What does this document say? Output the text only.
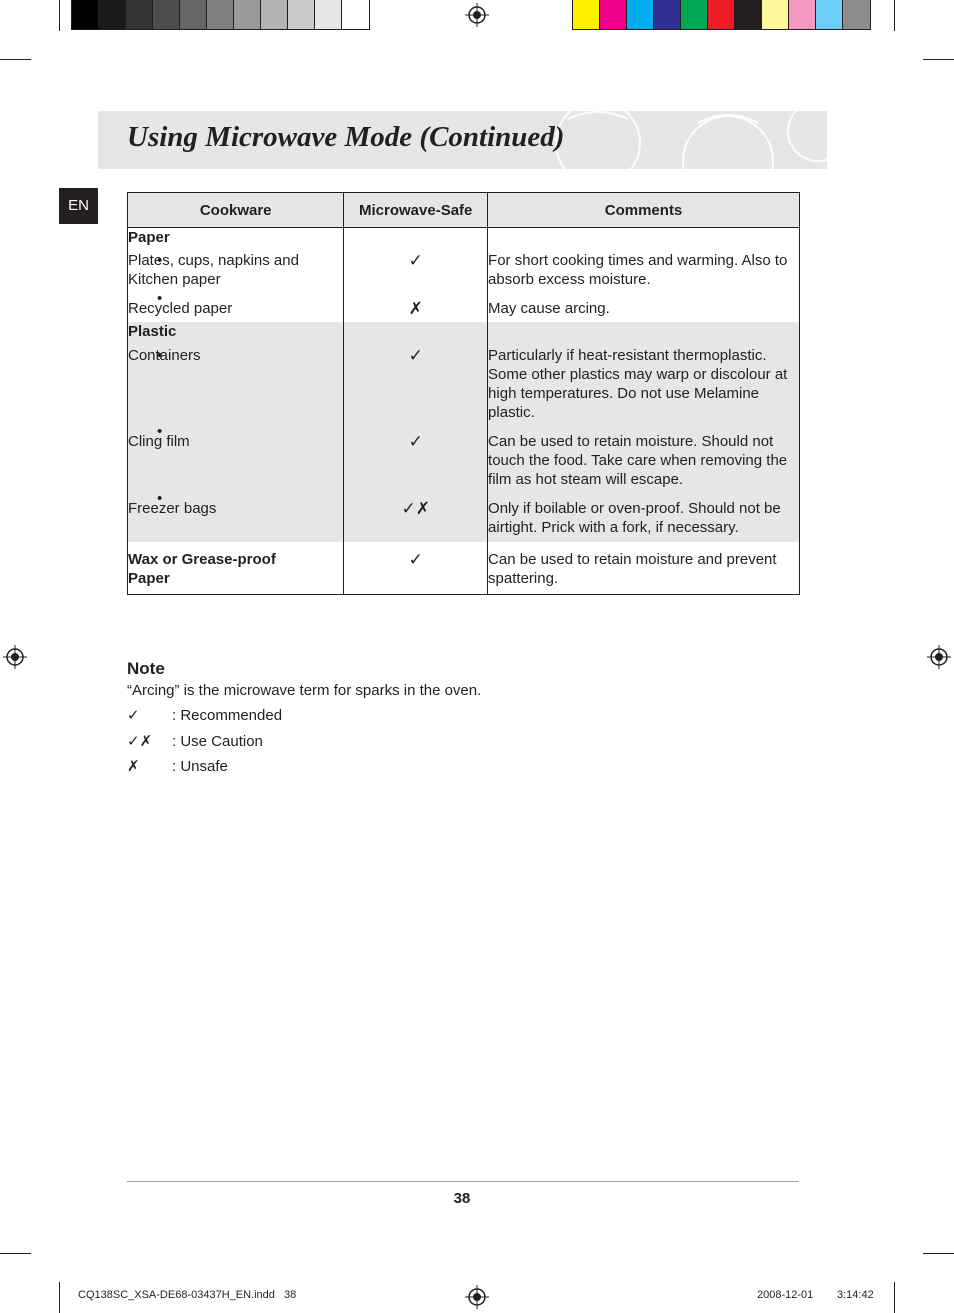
Using Microwave Mode (Continued)
EN	Cookware	Microwave-Safe	Comments
Paper		
• Plates, cups, napkins and Kitchen paper	✓	For short cooking times and warming. Also to absorb excess moisture.
• Recycled paper	✗	May cause arcing.
Plastic		
• Containers	✓	Particularly if heat-resistant thermoplastic. Some other plastics may warp or discolour at high temperatures. Do not use Melamine plastic.
• Cling film	✓	Can be used to retain moisture. Should not touch the food. Take care when removing the film as hot steam will escape.
• Freezer bags	✓✗	Only if boilable or oven-proof. Should not be airtight. Prick with a fork, if necessary.
Wax or Grease-proof Paper	✓	Can be used to retain moisture and prevent spattering.
Note
“Arcing” is the microwave term for sparks in the oven.
✓ : Recommended
✓✗ : Use Caution
✗ : Unsafe
38
CQ138SC_XSA-DE68-03437H_EN.indd   38	2008-12-01 3:14:42
